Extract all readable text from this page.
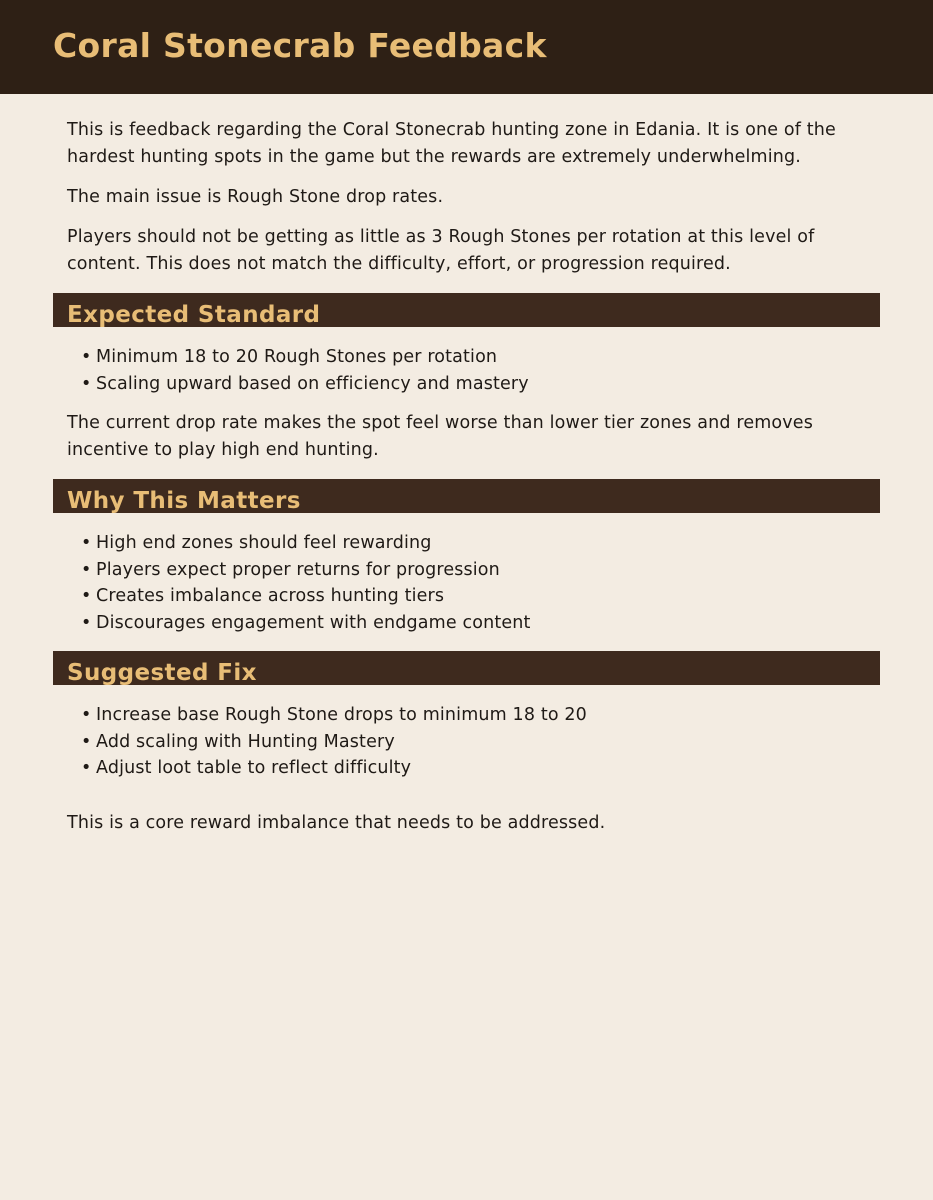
Coral Stonecrab Feedback

This is feedback regarding the Coral Stonecrab hunting zone in Edania. It is one of the hardest hunting spots in the game but the rewards are extremely underwhelming.

The main issue is Rough Stone drop rates.

Players should not be getting as little as 3 Rough Stones per rotation at this level of content. This does not match the difficulty, effort, or progression required.

Expected Standard
• Minimum 18 to 20 Rough Stones per rotation
• Scaling upward based on efficiency and mastery

The current drop rate makes the spot feel worse than lower tier zones and removes incentive to play high end hunting.

Why This Matters
• High end zones should feel rewarding
• Players expect proper returns for progression
• Creates imbalance across hunting tiers
• Discourages engagement with endgame content
Suggested Fix
• Increase base Rough Stone drops to minimum 18 to 20
• Add scaling with Hunting Mastery
• Adjust loot table to reflect difficulty

This is a core reward imbalance that needs to be addressed.
